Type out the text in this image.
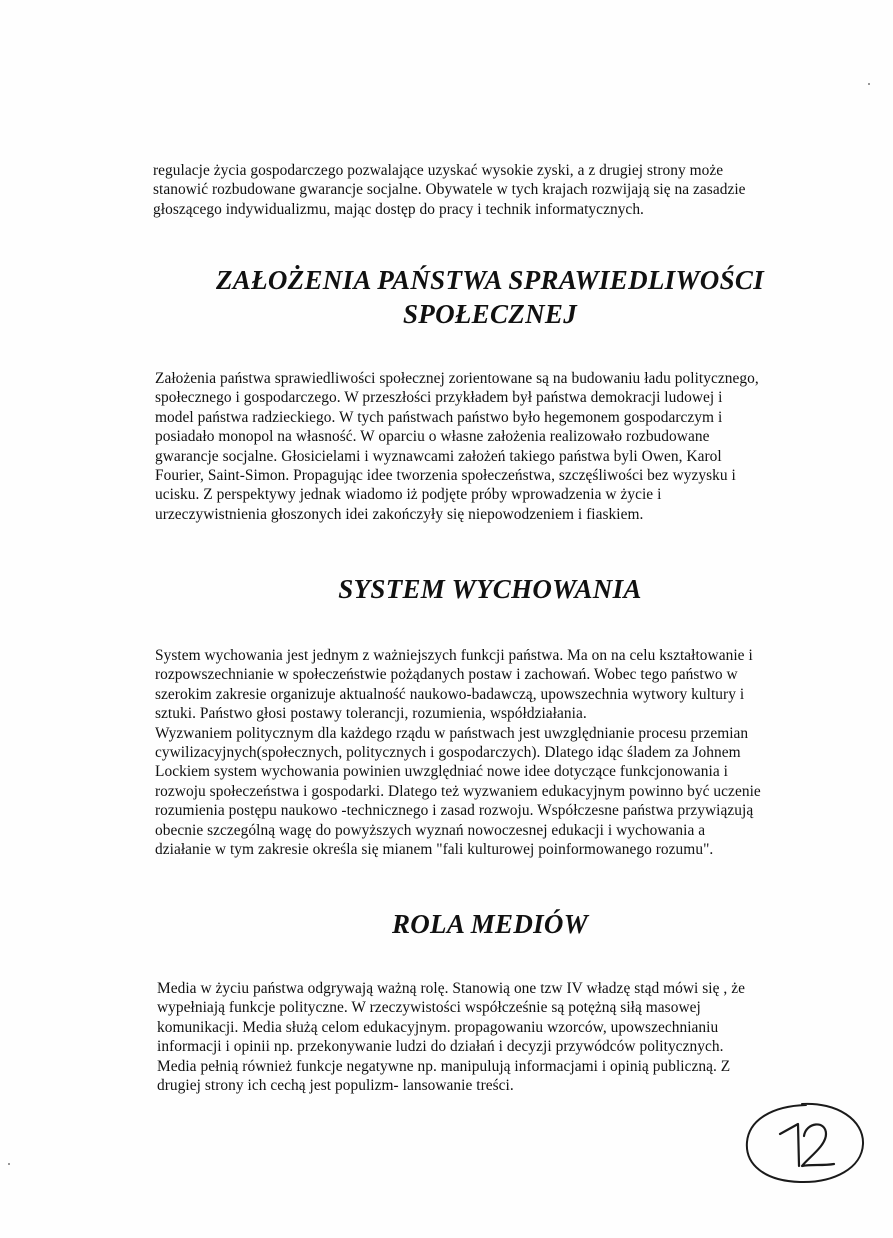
regulacje życia gospodarczego pozwalające uzyskać wysokie zyski, a z drugiej strony może
stanowić rozbudowane gwarancje socjalne. Obywatele w tych krajach rozwijają się na zasadzie
głoszącego indywidualizmu, mając dostęp do pracy i technik informatycznych.

ZAŁOŻENIA PAŃSTWA SPRAWIEDLIWOŚCI
SPOŁECZNEJ

Założenia państwa sprawiedliwości społecznej zorientowane są na budowaniu ładu politycznego,
społecznego i gospodarczego. W przeszłości przykładem był państwa demokracji ludowej i
model państwa radzieckiego. W tych państwach państwo było hegemonem gospodarczym i
posiadało monopol na własność. W oparciu o własne założenia realizowało rozbudowane
gwarancje socjalne. Głosicielami i wyznawcami założeń takiego państwa byli Owen, Karol
Fourier, Saint-Simon. Propagując idee tworzenia społeczeństwa, szczęśliwości bez wyzysku i
ucisku. Z perspektywy jednak wiadomo iż podjęte próby wprowadzenia w życie i
urzeczywistnienia głoszonych idei zakończyły się niepowodzeniem i fiaskiem.

SYSTEM WYCHOWANIA

System wychowania jest jednym z ważniejszych funkcji państwa. Ma on na celu kształtowanie i
rozpowszechnianie w społeczeństwie pożądanych postaw i zachowań. Wobec tego państwo w
szerokim zakresie organizuje aktualność naukowo-badawczą, upowszechnia wytwory kultury i
sztuki. Państwo głosi postawy tolerancji, rozumienia, współdziałania.
Wyzwaniem politycznym dla każdego rządu w państwach jest uwzględnianie procesu przemian
cywilizacyjnych(społecznych, politycznych i gospodarczych). Dlatego idąc śladem za Johnem
Lockiem system wychowania powinien uwzględniać nowe idee dotyczące funkcjonowania i
rozwoju społeczeństwa i gospodarki. Dlatego też wyzwaniem edukacyjnym powinno być uczenie
rozumienia postępu naukowo -technicznego i zasad rozwoju. Współczesne państwa przywiązują
obecnie szczególną wagę do powyższych wyznań nowoczesnej edukacji i wychowania a
działanie w tym zakresie określa się mianem "fali kulturowej poinformowanego rozumu".

ROLA MEDIÓW

Media w życiu państwa odgrywają ważną rolę. Stanowią one tzw IV władzę stąd mówi się , że
wypełniają funkcje polityczne. W rzeczywistości współcześnie są potężną siłą masowej
komunikacji. Media służą celom edukacyjnym. propagowaniu wzorców, upowszechnianiu
informacji i opinii np. przekonywanie ludzi do działań i decyzji przywódców politycznych.
Media pełnią również funkcje negatywne np. manipulują informacjami i opinią publiczną. Z
drugiej strony ich cechą jest populizm- lansowanie treści.
